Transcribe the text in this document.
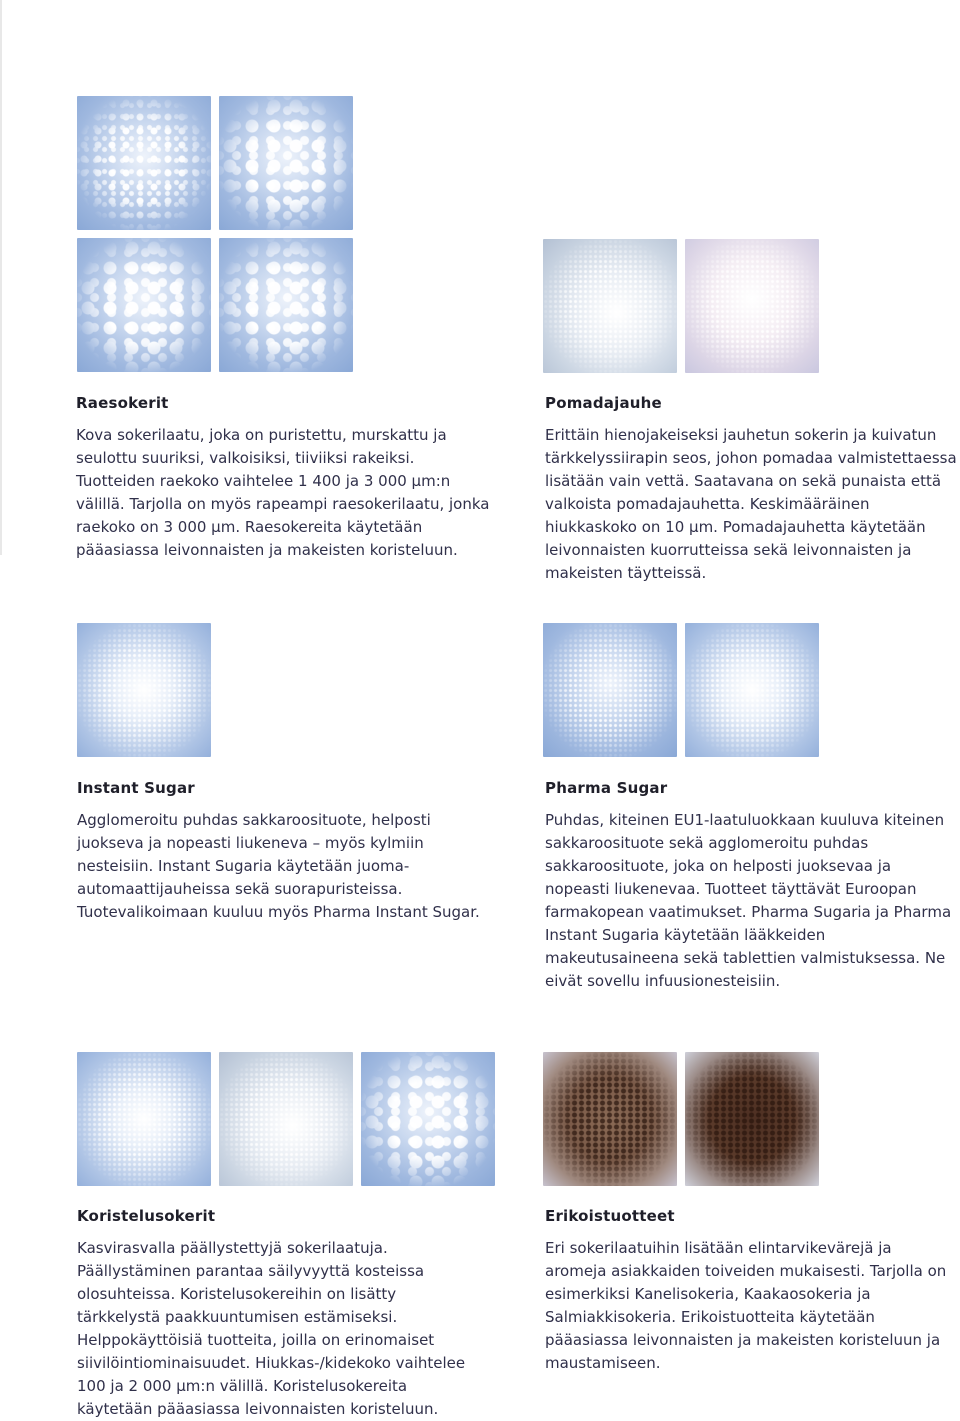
Raesokerit

Kova sokerilaatu, joka on puristettu, murskattu ja seulottu suuriksi, valkoisiksi, tiiviiksi rakeiksi. Tuotteiden raekoko vaihtelee 1 400 ja 3 000 µm:n välillä. Tarjolla on myös rapeampi raesokerilaatu, jonka raekoko on 3 000 µm. Raesokereita käytetään pääasiassa leivonnaisten ja makeisten koristeluun.

Pomadajauhe

Erittäin hienojakeiseksi jauhetun sokerin ja kuivatun tärkkelyssiirapin seos, johon pomadaa valmistettaessa lisätään vain vettä. Saatavana on sekä punaista että valkoista pomadajauhetta. Keskimääräinen hiukkaskoko on 10 µm. Pomadajauhetta käytetään leivonnaisten kuorrutteissa sekä leivonnaisten ja makeisten täytteissä.

Instant Sugar

Agglomeroitu puhdas sakkaroosituote, helposti juokseva ja nopeasti liukeneva – myös kylmiin nesteisiin. Instant Sugaria käytetään juoma-automaattijauheissa sekä suorapuristeissa. Tuotevalikoimaan kuuluu myös Pharma Instant Sugar.

Pharma Sugar

Puhdas, kiteinen EU1-laatuluokkaan kuuluva kiteinen sakkaroosituote sekä agglomeroitu puhdas sakkaroosituote, joka on helposti juoksevaa ja nopeasti liukenevaa. Tuotteet täyttävät Euroopan farmakopean vaatimukset. Pharma Sugaria ja Pharma Instant Sugaria käytetään lääkkeiden makeutusaineena sekä tablettien valmistuksessa. Ne eivät sovellu infuusionesteisiin.

Koristelusokerit

Kasvirasvalla päällystettyjä sokerilaatuja. Päällystäminen parantaa säilyvyyttä kosteissa olosuhteissa. Koristelusokereihin on lisätty tärkkelystä paakkuuntumisen estämiseksi. Helppokäyttöisiä tuotteita, joilla on erinomaiset siivilöintiominaisuudet. Hiukkas-/kidekoko vaihtelee 100 ja 2 000 µm:n välillä. Koristelusokereita käytetään pääasiassa leivonnaisten koristeluun.

Erikoistuotteet

Eri sokerilaatuihin lisätään elintarvikevärejä ja aromeja asiakkaiden toiveiden mukaisesti. Tarjolla on esimerkiksi Kanelisokeria, Kaakaosokeria ja Salmiakkisokeria. Erikoistuotteita käytetään pääasiassa leivonnaisten ja makeisten koristeluun ja maustamiseen.
